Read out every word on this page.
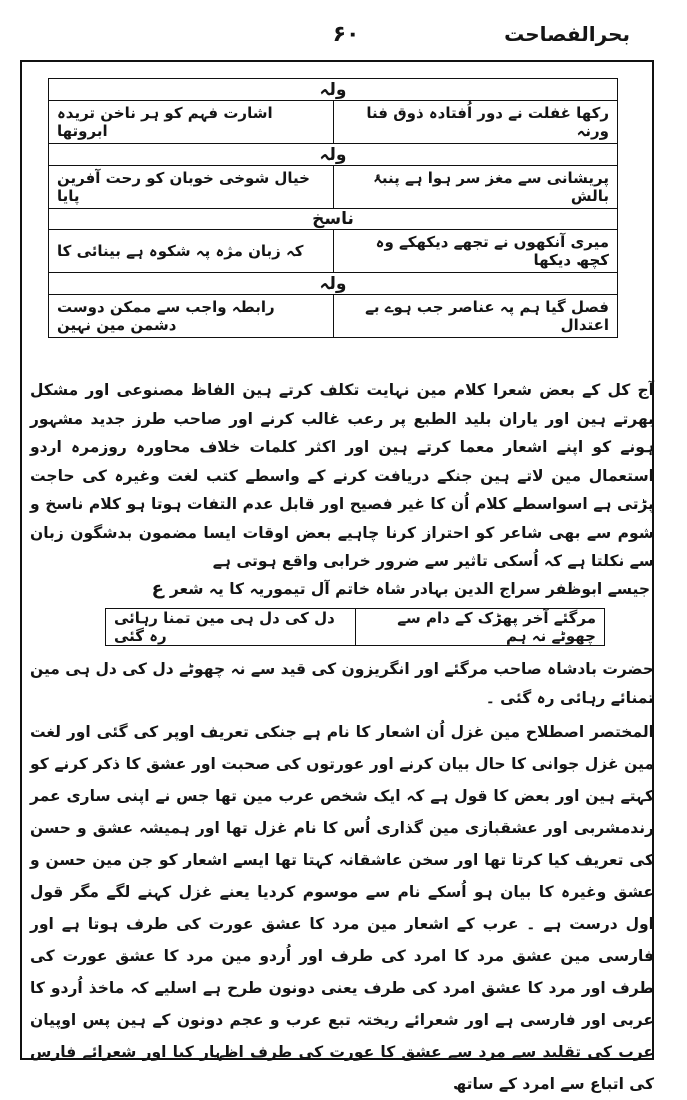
بحرالفصاحت
۶۰
ولہ	
رکھا غفلت نے دور اُفتادہ ذوق فنا ورنہ	اشارت فہم کو ہر ناخن تریدہ ابروتھا
ولہ	
پریشانی سے مغز سر ہوا ہے پنبۂ بالش	خیال شوخی خوبان کو رحت آفرین پایا
ناسخ	
میری آنکھوں نے تجھے دیکھکے وہ کچھ دیکھا	کہ زبان مژہ پہ شکوہ ہے بینائی کا
ولہ	
فصل گیا ہم پہ عناصر جب ہوے بے اعتدال	رابطہ واجب سے ممکن دوست دشمن مین نہین
آج کل کے بعض شعرا کلام مین نہایت تکلف کرتے ہین الفاظ مصنوعی اور مشکل بھرتے ہین اور یاران بلید الطبع پر رعب غالب کرنے اور صاحب طرز جدید مشہور ہونے کو اپنے اشعار معما کرتے ہین اور اکثر کلمات خلاف محاورہ روزمرہ اردو استعمال مین لاتے ہین جنکے دریافت کرنے کے واسطے کتب لغت وغیرہ کی حاجت پڑتی ہے اسواسطے کلام اُن کا غیر فصیح اور قابل عدم التفات ہوتا ہو کلام ناسخ و شوم سے بھی شاعر کو احتراز کرنا چاہیے بعض اوقات ایسا مضمون بدشگون زبان سے نکلتا ہے کہ اُسکی تاثیر سے ضرور خرابی واقع ہوتی ہے
جیسے ابوظفر سراج الدین بہادر شاہ خاتم آل تیموریہ کا یہ شعرع
مرگئے آخر پھڑک کے دام سے چھوٹے نہ ہم	دل کی دل ہی مین تمنا رہائی رہ گئی
حضرت بادشاہ صاحب مرگئے اور انگریزون کی قید سے نہ چھوٹے دل کی دل ہی مین تمنائے رہائی رہ گئی ۔
المختصر اصطلاح مین غزل اُن اشعار کا نام ہے جنکی تعریف اوپر کی گئی اور لغت مین غزل جوانی کا حال بیان کرنے اور عورتوں کی صحبت اور عشق کا ذکر کرنے کو کہتے ہین اور بعض کا قول ہے کہ ایک شخص عرب مین تھا جس نے اپنی ساری عمر رندمشربی اور عشقبازی مین گذاری اُس کا نام غزل تھا اور ہمیشہ عشق و حسن کی تعریف کیا کرتا تھا اور سخن عاشقانہ کہتا تھا ایسے اشعار کو جن مین حسن و عشق وغیرہ کا بیان ہو اُسکے نام سے موسوم کردیا یعنے غزل کہنے لگے مگر قول اول درست ہے ۔ عرب کے اشعار مین مرد کا عشق عورت کی طرف ہوتا ہے اور فارسی مین عشق مرد کا امرد کی طرف اور اُردو مین مرد کا عشق عورت کی طرف اور مرد کا عشق امرد کی طرف یعنی دونون طرح ہے اسلیے کہ ماخذ اُردو کا عربی اور فارسی ہے اور شعرائے ریختہ تبع عرب و عجم دونون کے ہین پس اوپیان عرب کی تقلید سے مرد سے عشق کا عورت کی طرف اظہار کیا اور شعرائے فارس کی اتباع سے امرد کے ساتھ
